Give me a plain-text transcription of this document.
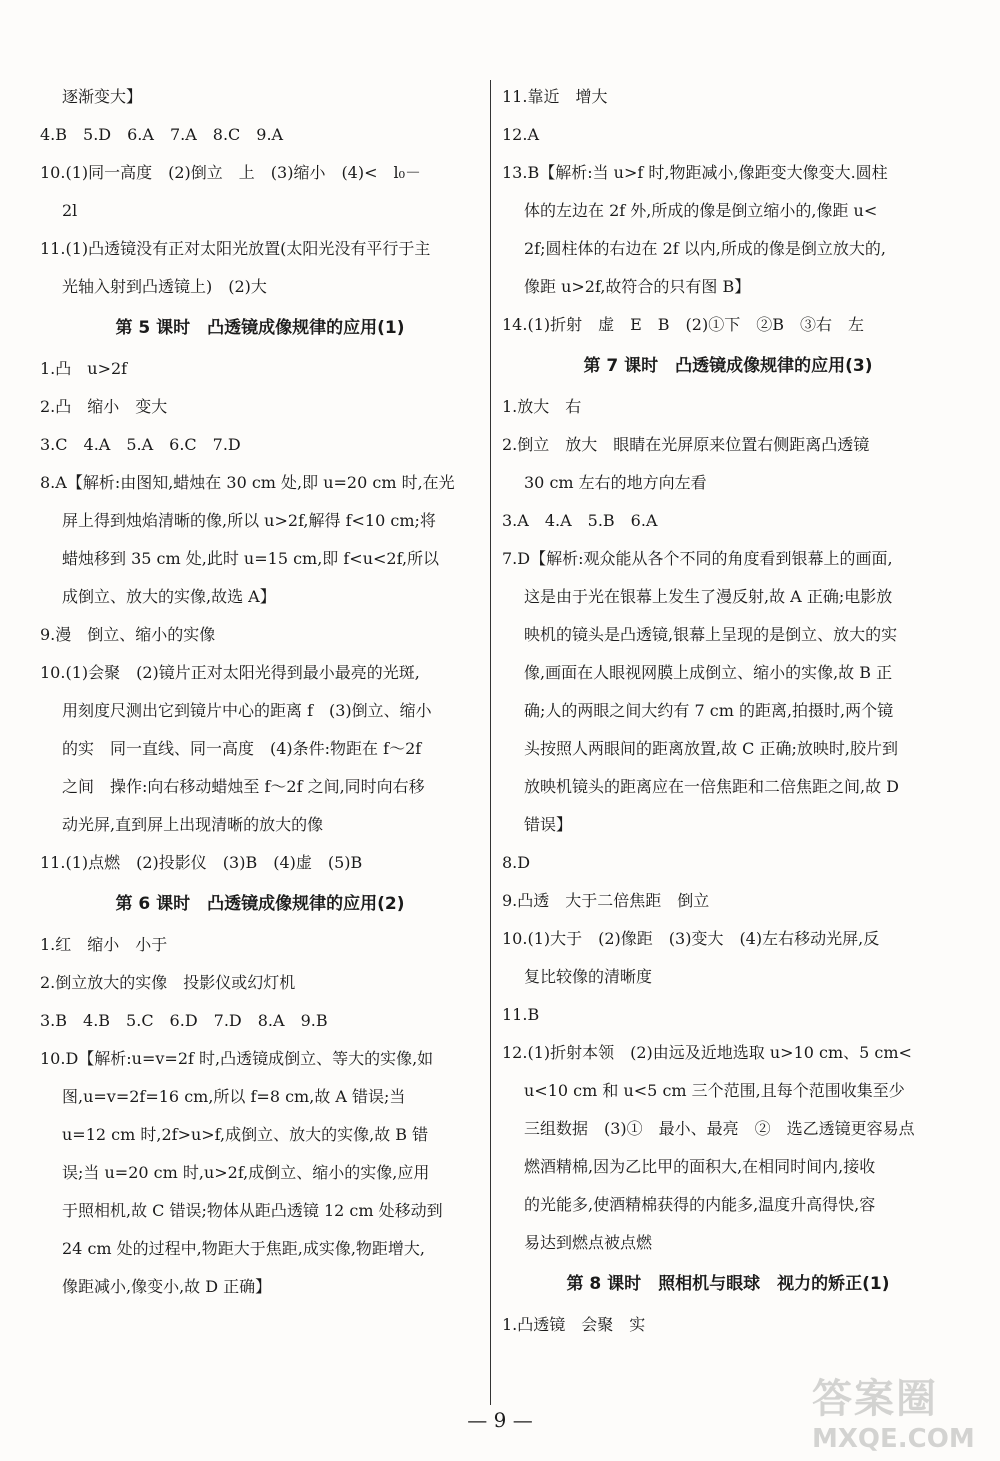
逐渐变大】
4.B　5.D　6.A　7.A　8.C　9.A
10.(1)同一高度　(2)倒立　上　(3)缩小　(4)<　l₀－
2l
11.(1)凸透镜没有正对太阳光放置(太阳光没有平行于主
光轴入射到凸透镜上)　(2)大
第 5 课时　凸透镜成像规律的应用(1)
1.凸　u>2f
2.凸　缩小　变大
3.C　4.A　5.A　6.C　7.D
8.A【解析:由图知,蜡烛在 30 cm 处,即 u=20 cm 时,在光
屏上得到烛焰清晰的像,所以 u>2f,解得 f<10 cm;将
蜡烛移到 35 cm 处,此时 u=15 cm,即 f<u<2f,所以
成倒立、放大的实像,故选 A】
9.漫　倒立、缩小的实像
10.(1)会聚　(2)镜片正对太阳光得到最小最亮的光斑,
用刻度尺测出它到镜片中心的距离 f　(3)倒立、缩小
的实　同一直线、同一高度　(4)条件:物距在 f～2f
之间　操作:向右移动蜡烛至 f～2f 之间,同时向右移
动光屏,直到屏上出现清晰的放大的像
11.(1)点燃　(2)投影仪　(3)B　(4)虚　(5)B
第 6 课时　凸透镜成像规律的应用(2)
1.红　缩小　小于
2.倒立放大的实像　投影仪或幻灯机
3.B　4.B　5.C　6.D　7.D　8.A　9.B
10.D【解析:u=v=2f 时,凸透镜成倒立、等大的实像,如
图,u=v=2f=16 cm,所以 f=8 cm,故 A 错误;当
u=12 cm 时,2f>u>f,成倒立、放大的实像,故 B 错
误;当 u=20 cm 时,u>2f,成倒立、缩小的实像,应用
于照相机,故 C 错误;物体从距凸透镜 12 cm 处移动到
24 cm 处的过程中,物距大于焦距,成实像,物距增大,
像距减小,像变小,故 D 正确】
11.靠近　增大
12.A
13.B【解析:当 u>f 时,物距减小,像距变大像变大.圆柱
体的左边在 2f 外,所成的像是倒立缩小的,像距 u<
2f;圆柱体的右边在 2f 以内,所成的像是倒立放大的,
像距 u>2f,故符合的只有图 B】
14.(1)折射　虚　E　B　(2)①下　②B　③右　左
第 7 课时　凸透镜成像规律的应用(3)
1.放大　右
2.倒立　放大　眼睛在光屏原来位置右侧距离凸透镜
30 cm 左右的地方向左看
3.A　4.A　5.B　6.A
7.D【解析:观众能从各个不同的角度看到银幕上的画面,
这是由于光在银幕上发生了漫反射,故 A 正确;电影放
映机的镜头是凸透镜,银幕上呈现的是倒立、放大的实
像,画面在人眼视网膜上成倒立、缩小的实像,故 B 正
确;人的两眼之间大约有 7 cm 的距离,拍摄时,两个镜
头按照人两眼间的距离放置,故 C 正确;放映时,胶片到
放映机镜头的距离应在一倍焦距和二倍焦距之间,故 D
错误】
8.D
9.凸透　大于二倍焦距　倒立
10.(1)大于　(2)像距　(3)变大　(4)左右移动光屏,反
复比较像的清晰度
11.B
12.(1)折射本领　(2)由远及近地选取 u>10 cm、5 cm<
u<10 cm 和 u<5 cm 三个范围,且每个范围收集至少
三组数据　(3)①　最小、最亮　②　选乙透镜更容易点
燃酒精棉,因为乙比甲的面积大,在相同时间内,接收
的光能多,使酒精棉获得的内能多,温度升高得快,容
易达到燃点被点燃
第 8 课时　照相机与眼球　视力的矫正(1)
1.凸透镜　会聚　实
— 9 —	答案圈
MXQE.COM
